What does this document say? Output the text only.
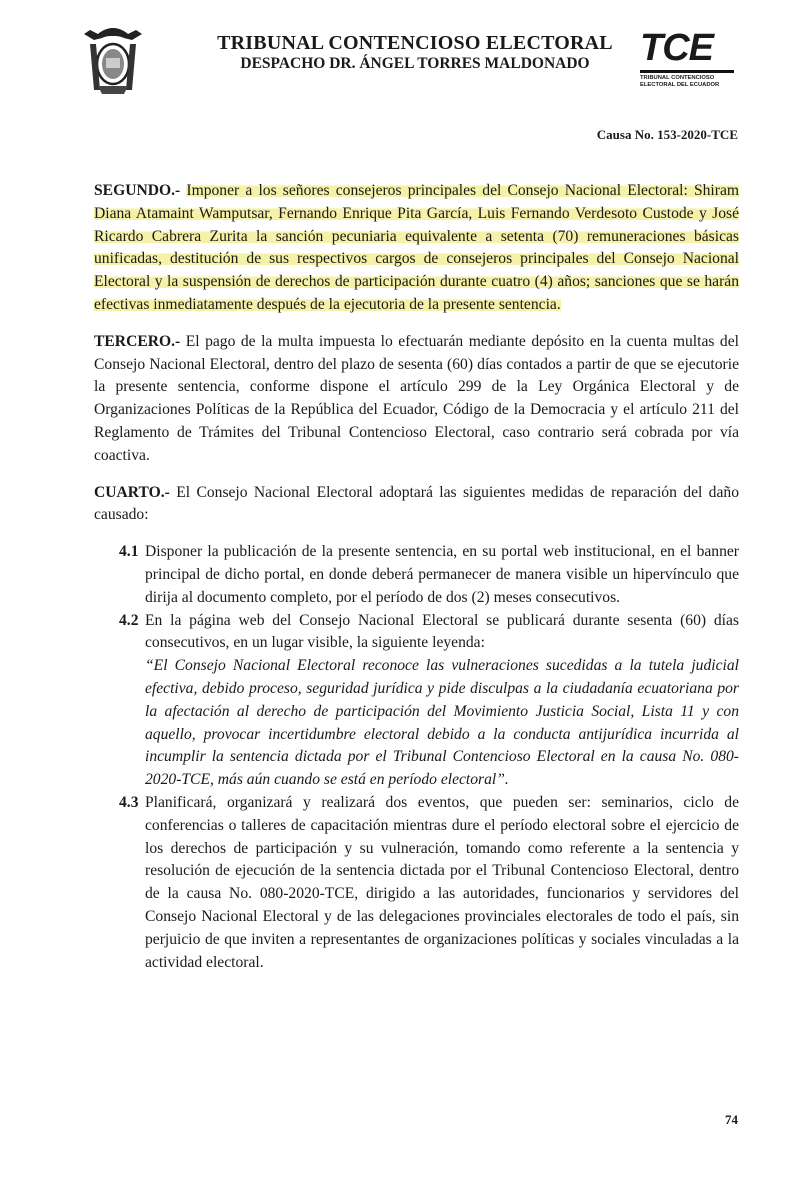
TRIBUNAL CONTENCIOSO ELECTORAL

DESPACHO DR. ÁNGEL TORRES MALDONADO	TCE
TRIBUNAL CONTENCIOSO
ELECTORAL DEL ECUADOR
Causa No. 153-2020-TCE

SEGUNDO.- Imponer a los señores consejeros principales del Consejo Nacional Electoral: Shiram Diana Atamaint Wamputsar, Fernando Enrique Pita García, Luis Fernando Verdesoto Custode y José Ricardo Cabrera Zurita la sanción pecuniaria equivalente a setenta (70) remuneraciones básicas unificadas, destitución de sus respectivos cargos de consejeros principales del Consejo Nacional Electoral y la suspensión de derechos de participación durante cuatro (4) años; sanciones que se harán efectivas inmediatamente después de la ejecutoria de la presente sentencia.

TERCERO.- El pago de la multa impuesta lo efectuarán mediante depósito en la cuenta multas del Consejo Nacional Electoral, dentro del plazo de sesenta (60) días contados a partir de que se ejecutorie la presente sentencia, conforme dispone el artículo 299 de la Ley Orgánica Electoral y de Organizaciones Políticas de la República del Ecuador, Código de la Democracia y el artículo 211 del Reglamento de Trámites del Tribunal Contencioso Electoral, caso contrario será cobrada por vía coactiva.

CUARTO.- El Consejo Nacional Electoral adoptará las siguientes medidas de reparación del daño causado:

4.1 Disponer la publicación de la presente sentencia, en su portal web institucional, en el banner principal de dicho portal, en donde deberá permanecer de manera visible un hipervínculo que dirija al documento completo, por el período de dos (2) meses consecutivos.
4.2 En la página web del Consejo Nacional Electoral se publicará durante sesenta (60) días consecutivos, en un lugar visible, la siguiente leyenda:
“El Consejo Nacional Electoral reconoce las vulneraciones sucedidas a la tutela judicial efectiva, debido proceso, seguridad jurídica y pide disculpas a la ciudadanía ecuatoriana por la afectación al derecho de participación del Movimiento Justicia Social, Lista 11 y con aquello, provocar incertidumbre electoral debido a la conducta antijurídica incurrida al incumplir la sentencia dictada por el Tribunal Contencioso Electoral en la causa No. 080-2020-TCE, más aún cuando se está en período electoral”.
4.3 Planificará, organizará y realizará dos eventos, que pueden ser: seminarios, ciclo de conferencias o talleres de capacitación mientras dure el período electoral sobre el ejercicio de los derechos de participación y su vulneración, tomando como referente a la sentencia y resolución de ejecución de la sentencia dictada por el Tribunal Contencioso Electoral, dentro de la causa No. 080-2020-TCE, dirigido a las autoridades, funcionarios y servidores del Consejo Nacional Electoral y de las delegaciones provinciales electorales de todo el país, sin perjuicio de que inviten a representantes de organizaciones políticas y sociales vinculadas a la actividad electoral.
74
